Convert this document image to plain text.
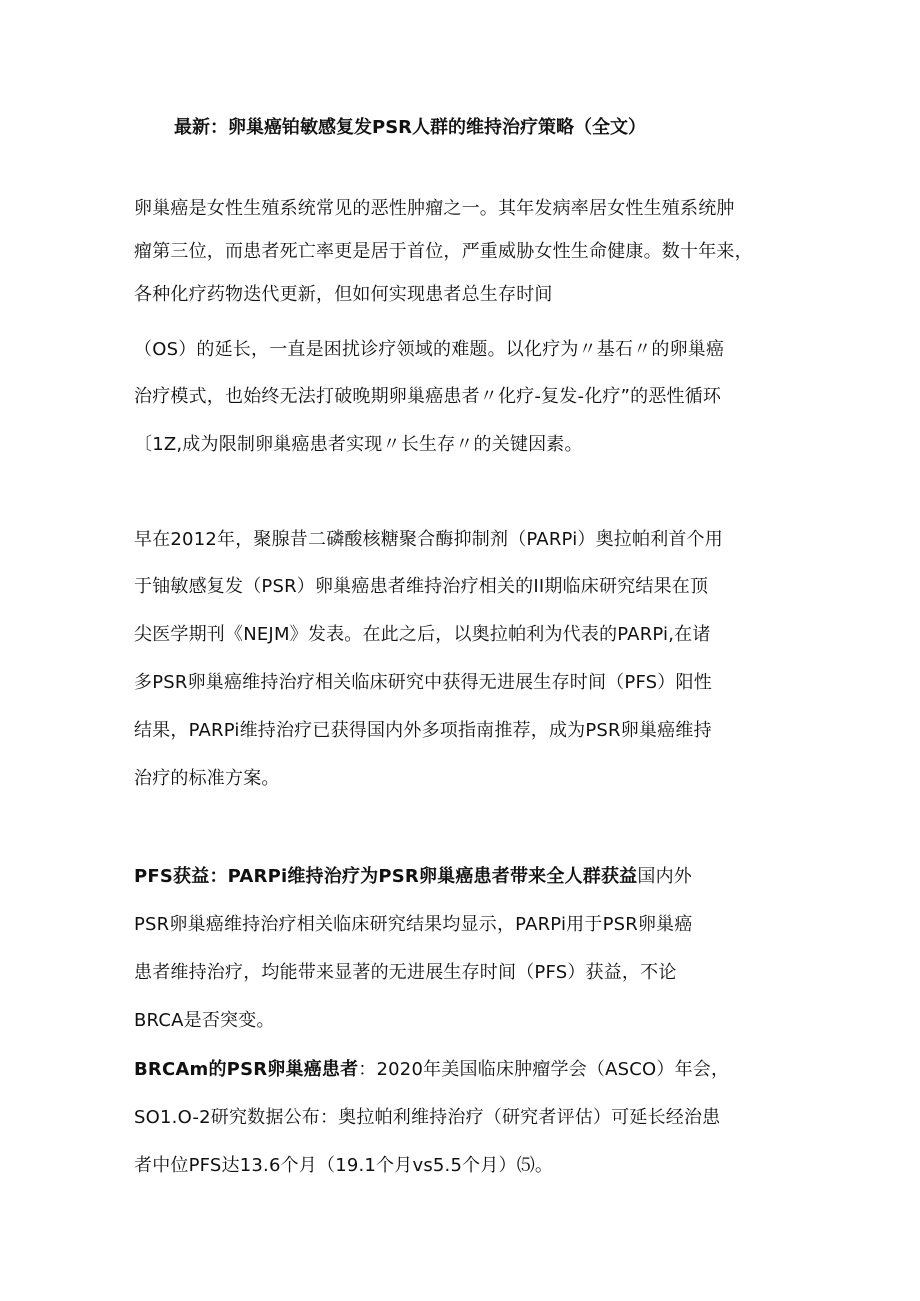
最新：卵巢癌铂敏感复发PSR人群的维持治疗策略（全文）
卵巢癌是女性生殖系统常见的恶性肿瘤之一。其年发病率居女性生殖系统肿
瘤第三位，而患者死亡率更是居于首位，严重威胁女性生命健康。数十年来，
各种化疗药物迭代更新，但如何实现患者总生存时间
（OS）的延长，一直是困扰诊疗领域的难题。以化疗为〃基石〃的卵巢癌
治疗模式，也始终无法打破晚期卵巢癌患者〃化疗-复发-化疗”的恶性循环
〔1Z,成为限制卵巢癌患者实现〃长生存〃的关键因素。
早在2012年，聚腺昔二磷酸核糖聚合酶抑制剂（PARPi）奥拉帕利首个用
于铀敏感复发（PSR）卵巢癌患者维持治疗相关的II期临床研究结果在顶
尖医学期刊《NEJM》发表。在此之后，以奥拉帕利为代表的PARPi,在诸
多PSR卵巢癌维持治疗相关临床研究中获得无进展生存时间（PFS）阳性
结果，PARPi维持治疗已获得国内外多项指南推荐，成为PSR卵巢癌维持
治疗的标准方案。
PFS获益：PARPi维持治疗为PSR卵巢癌患者带来全人群获益国内外
PSR卵巢癌维持治疗相关临床研究结果均显示，PARPi用于PSR卵巢癌
患者维持治疗，均能带来显著的无进展生存时间（PFS）获益，不论
BRCA是否突变。
BRCAm的PSR卵巢癌患者：2020年美国临床肿瘤学会（ASCO）年会，
SO1.O-2研究数据公布：奥拉帕利维持治疗（研究者评估）可延长经治患
者中位PFS达13.6个月（19.1个月vs5.5个月）⑸。
